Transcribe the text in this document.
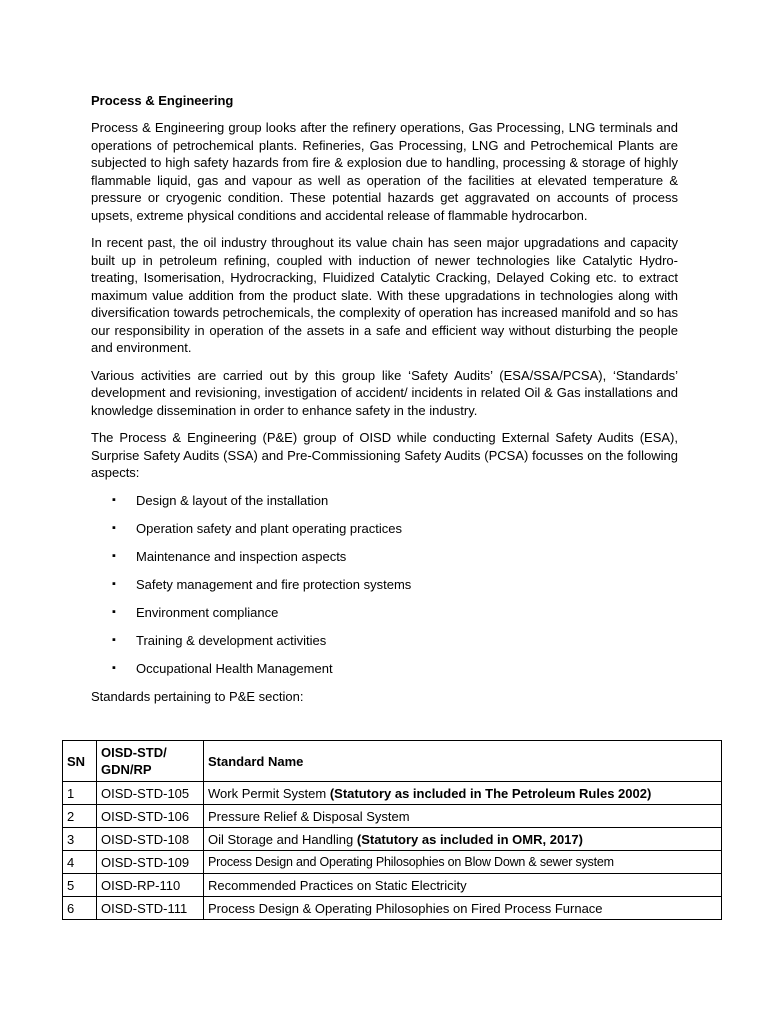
Process & Engineering

Process & Engineering group looks after the refinery operations, Gas Processing, LNG terminals and operations of petrochemical plants. Refineries, Gas Processing, LNG and Petrochemical Plants are subjected to high safety hazards from fire & explosion due to handling, processing & storage of highly flammable liquid, gas and vapour as well as operation of the facilities at elevated temperature & pressure or cryogenic condition. These potential hazards get aggravated on accounts of process upsets, extreme physical conditions and accidental release of flammable hydrocarbon.

In recent past, the oil industry throughout its value chain has seen major upgradations and capacity built up in petroleum refining, coupled with induction of newer technologies like Catalytic Hydro-treating, Isomerisation, Hydrocracking, Fluidized Catalytic Cracking, Delayed Coking etc. to extract maximum value addition from the product slate. With these upgradations in technologies along with diversification towards petrochemicals, the complexity of operation has increased manifold and so has our responsibility in operation of the assets in a safe and efficient way without disturbing the people and environment.

Various activities are carried out by this group like ‘Safety Audits’ (ESA/SSA/PCSA), ‘Standards’ development and revisioning, investigation of accident/ incidents in related Oil & Gas installations and knowledge dissemination in order to enhance safety in the industry.

The Process & Engineering (P&E) group of OISD while conducting External Safety Audits (ESA), Surprise Safety Audits (SSA) and Pre-Commissioning Safety Audits (PCSA) focusses on the following aspects:

▪ Design & layout of the installation
▪ Operation safety and plant operating practices
▪ Maintenance and inspection aspects
▪ Safety management and fire protection systems
▪ Environment compliance
▪ Training & development activities
▪ Occupational Health Management

Standards pertaining to P&E section:

SN	OISD-STD/
GDN/RP	Standard Name
1	OISD-STD-105	Work Permit System (Statutory as included in The Petroleum Rules 2002)
2	OISD-STD-106	Pressure Relief & Disposal System
3	OISD-STD-108	Oil Storage and Handling (Statutory as included in OMR, 2017)
4	OISD-STD-109	Process Design and Operating Philosophies on Blow Down & sewer system
5	OISD-RP-110	Recommended Practices on Static Electricity
6	OISD-STD-111	Process Design & Operating Philosophies on Fired Process Furnace
